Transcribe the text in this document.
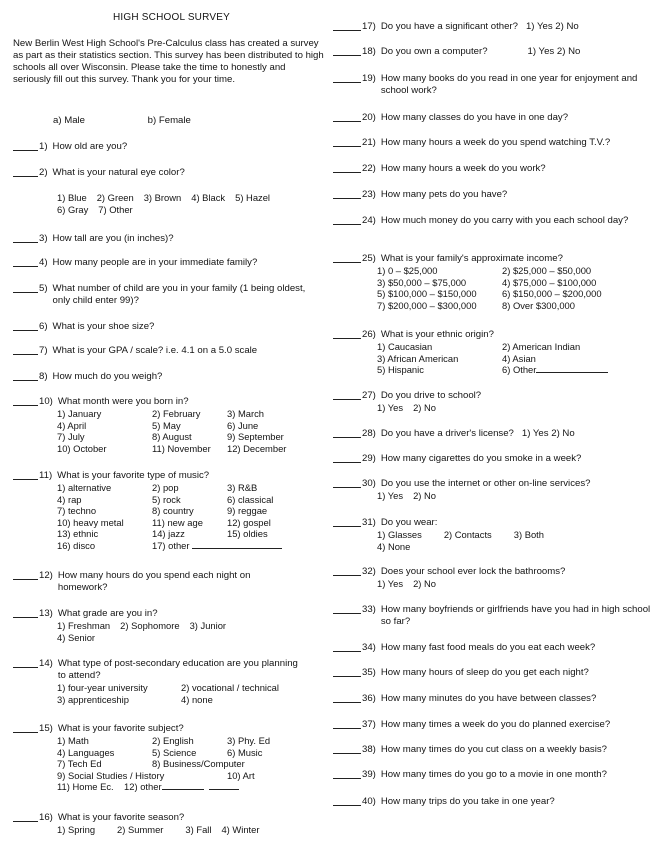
HIGH SCHOOL SURVEY
New Berlin West High School's Pre-Calculus class has created a survey as part as their statistics section. This survey has been distributed to high schools all over Wisconsin. Please take the time to honestly and seriously fill out this survey. Thank you for your time.
a) Male	b) Female
1) How old are you?
2) What is your natural eye color?
1) Blue 2) Green 3) Brown 4) Black 5) Hazel
6) Gray 7) Other
3) How tall are you (in inches)?
4) How many people are in your immediate family?
5) What number of child are you in your family (1 being oldest, only child enter 99)?
6) What is your shoe size?
7) What is your GPA / scale? i.e. 4.1 on a 5.0 scale
8) How much do you weigh?
10) What month were you born in?
1) January	2) February	3) March
4) April	5) May	6) June
7) July	8) August	9) September
10) October	11) November	12) December
11) What is your favorite type of music?
1) alternative	2) pop	3) R&B
4) rap	5) rock	6) classical
7) techno	8) country	9) reggae
10) heavy metal	11) new age	12) gospel
13) ethnic	14) jazz	15) oldies
16) disco	17) other
12) How many hours do you spend each night on homework?
13) What grade are you in?
1) Freshman 2) Sophomore 3) Junior
4) Senior
14) What type of post-secondary education are you planning to attend?
1) four-year university	2) vocational / technical
3) apprenticeship	4) none
15) What is your favorite subject?
1) Math	2) English	3) Phy. Ed
4) Languages	5) Science	6) Music
7) Tech Ed	8) Business/Computer
9) Social Studies / History	10) Art
11) Home Ec. 12) other
16) What is your favorite season?
1) Spring 2) Summer 3) Fall 4) Winter
17) Do you have a significant other? 1) Yes 2) No
18) Do you own a computer?	1) Yes 2) No
19) How many books do you read in one year for enjoyment and school work?
20) How many classes do you have in one day?
21) How many hours a week do you spend watching T.V.?
22) How many hours a week do you work?
23) How many pets do you have?
24) How much money do you carry with you each school day?
25) What is your family's approximate income?
1) 0 – $25,000	2) $25,000 – $50,000
3) $50,000 – $75,000	4) $75,000 – $100,000
5) $100,000 – $150,000	6) $150,000 – $200,000
7) $200,000 – $300,000	8) Over $300,000
26) What is your ethnic origin?
1) Caucasian	2) American Indian
3) African American	4) Asian
5) Hispanic	6) Other
27) Do you drive to school?
1) Yes 2) No
28) Do you have a driver's license? 1) Yes 2) No
29) How many cigarettes do you smoke in a week?
30) Do you use the internet or other on-line services?
1) Yes 2) No
31) Do you wear:
1) Glasses 2) Contacts 3) Both
4) None
32) Does your school ever lock the bathrooms?
1) Yes 2) No
33) How many boyfriends or girlfriends have you had in high school so far?
34) How many fast food meals do you eat each week?
35) How many hours of sleep do you get each night?
36) How many minutes do you have between classes?
37) How many times a week do you do planned exercise?
38) How many times do you cut class on a weekly basis?
39) How many times do you go to a movie in one month?
40) How many trips do you take in one year?
